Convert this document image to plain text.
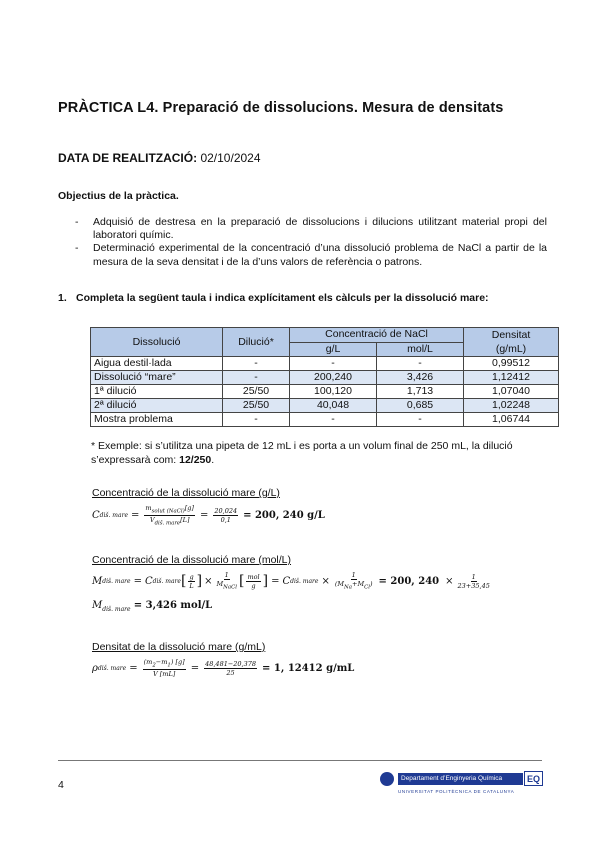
PRÀCTICA L4. Preparació de dissolucions. Mesura de densitats
DATA DE REALITZACIÓ: 02/10/2024
Objectius de la pràctica.
-	Adquisió de destresa en la preparació de dissolucions i dilucions utilitzant material propi del laboratori químic.
-	Determinació experimental de la concentració d’una dissolució problema de NaCl a partir de la mesura de la seva densitat i de la d’uns valors de referència o patrons.
1. Completa la següent taula i indica explícitament els càlculs per la dissolució mare:
Dissolució	Dilució*	Concentració de NaCl		Densitat
(g/mL)

		g/L	mol/L	
Aigua destil·lada	-	-	-	0,99512
Dissolució “mare”	-	200,240	3,426	1,12412
1ª dilució	25/50	100,120	1,713	1,07040
2ª dilució	25/50	40,048	0,685	1,02248
Mostra problema	-	-	-	1,06744
* Exemple: si s’utilitza una pipeta de 12 mL i es porta a un volum final de 250 mL, la dilució s’expressarà com: 12/250.
Concentració de la dissolució mare (g/L)
C diš. mare = $\frac{m_{solut (NaCl)}[g]}{V_{diš. mare}[L]} = \frac{20,024}{0,1} = 200$, 240 g/L
Concentració de la dissolució mare (mol/L)
M diš. mare = C diš. mare [ $\frac{g}{L}$ ] × $\frac{1}{M_{NaCl}}$ [ $\frac{\text{mol}}{g}$ ] = C diš. mare × $\frac{1}{(M_{Na}+M_{Cl})} = 200$, $240 \times \frac{1}{23+35,45}$
$M_{diš. mare} = 3,426$ mol/L
Densitat de la dissolució mare (g/mL)
ρ diš. mare = $\frac{(m_2-m_1) [g]}{V [mL]} = \frac{48,481-20,378}{25} = 1$, 12412 g/mL
4
Departament d’Enginyeria Química
UNIVERSITAT POLITÈCNICA DE CATALUNYA
EQ
